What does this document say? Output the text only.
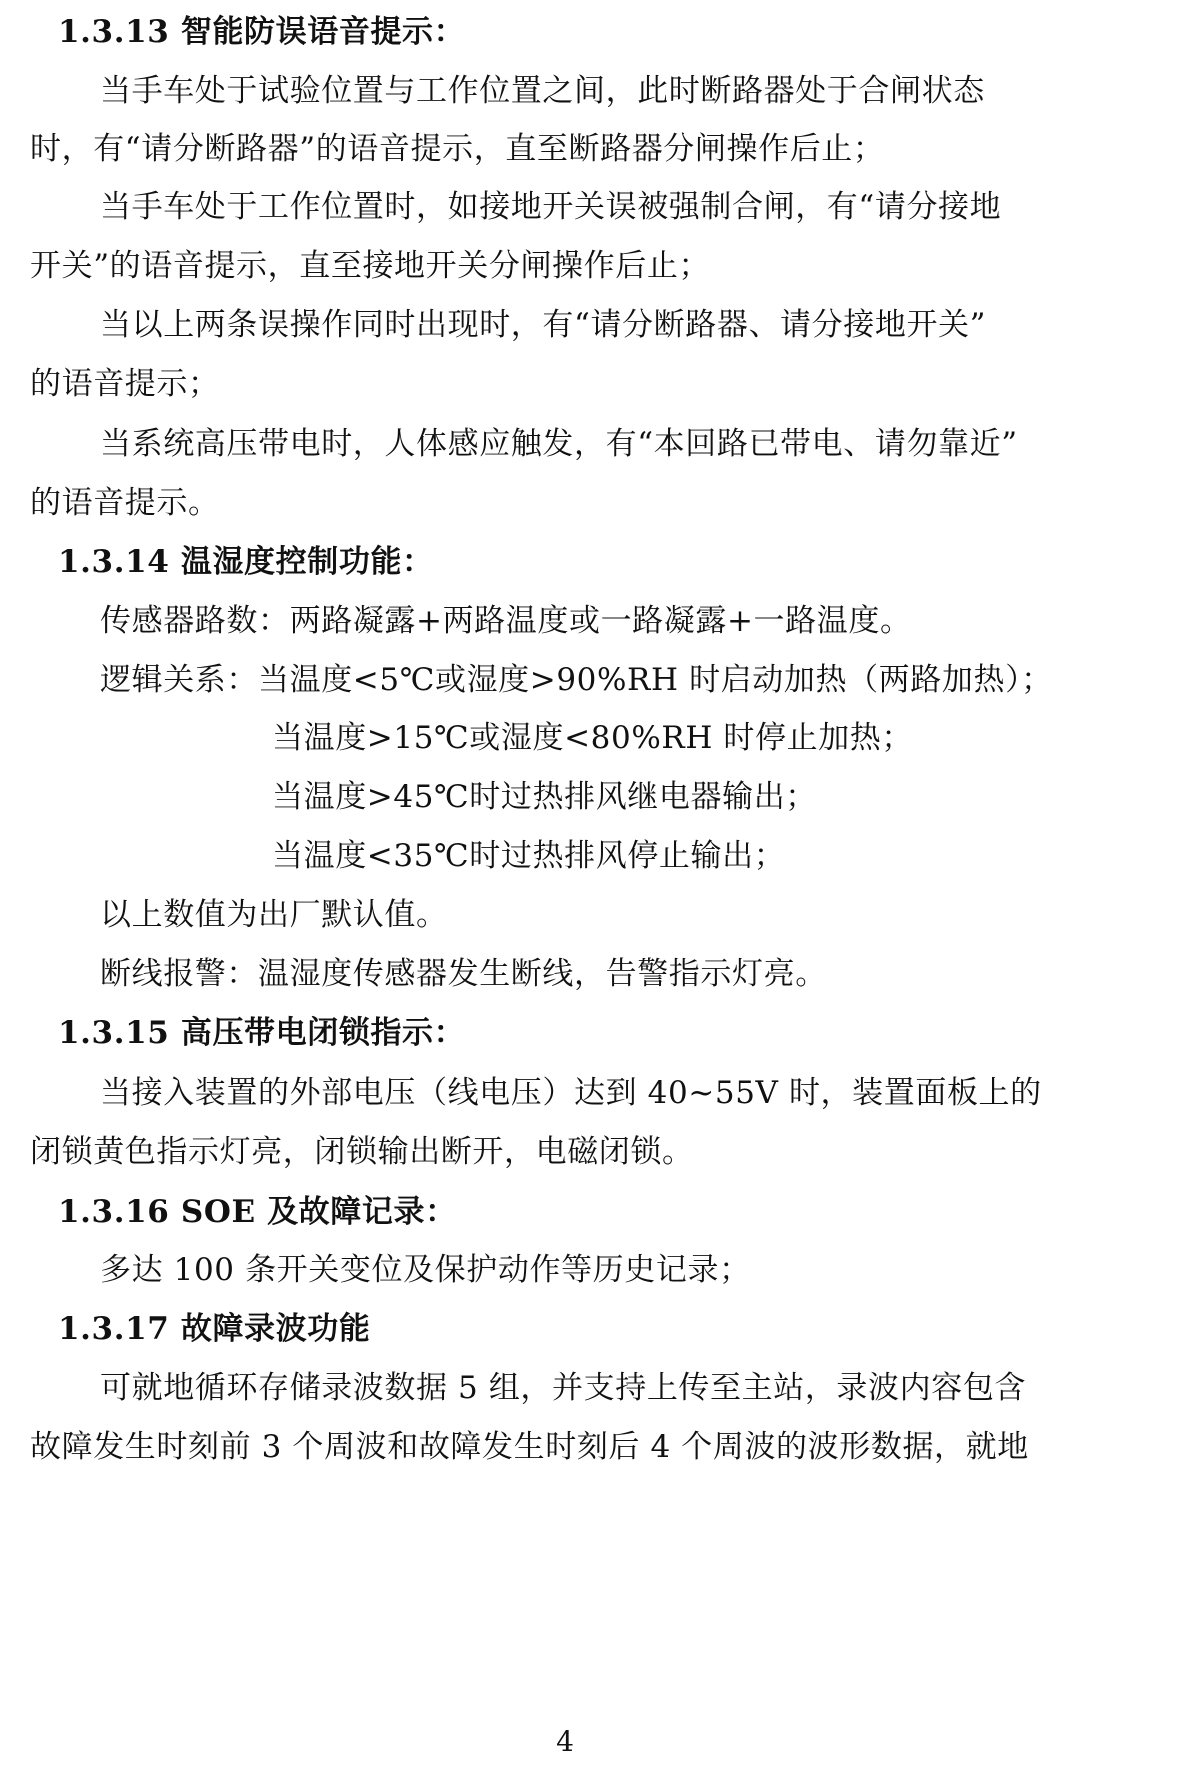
1.3.13 智能防误语音提示：
当手车处于试验位置与工作位置之间，此时断路器处于合闸状态
时，有“请分断路器”的语音提示，直至断路器分闸操作后止；
当手车处于工作位置时，如接地开关误被强制合闸，有“请分接地
开关”的语音提示，直至接地开关分闸操作后止；
当以上两条误操作同时出现时，有“请分断路器、请分接地开关”
的语音提示；
当系统高压带电时，人体感应触发，有“本回路已带电、请勿靠近”
的语音提示。
1.3.14 温湿度控制功能：
传感器路数：两路凝露+两路温度或一路凝露+一路温度。
逻辑关系：当温度<5℃或湿度>90%RH 时启动加热（两路加热）；
当温度>15℃或湿度<80%RH 时停止加热；
当温度>45℃时过热排风继电器输出；
当温度<35℃时过热排风停止输出；
以上数值为出厂默认值。
断线报警：温湿度传感器发生断线，告警指示灯亮。
1.3.15 高压带电闭锁指示：
当接入装置的外部电压（线电压）达到 40~55V 时，装置面板上的
闭锁黄色指示灯亮，闭锁输出断开，电磁闭锁。
1.3.16 SOE 及故障记录：
多达 100 条开关变位及保护动作等历史记录；
1.3.17 故障录波功能
可就地循环存储录波数据 5 组，并支持上传至主站，录波内容包含
故障发生时刻前 3 个周波和故障发生时刻后 4 个周波的波形数据，就地
4
